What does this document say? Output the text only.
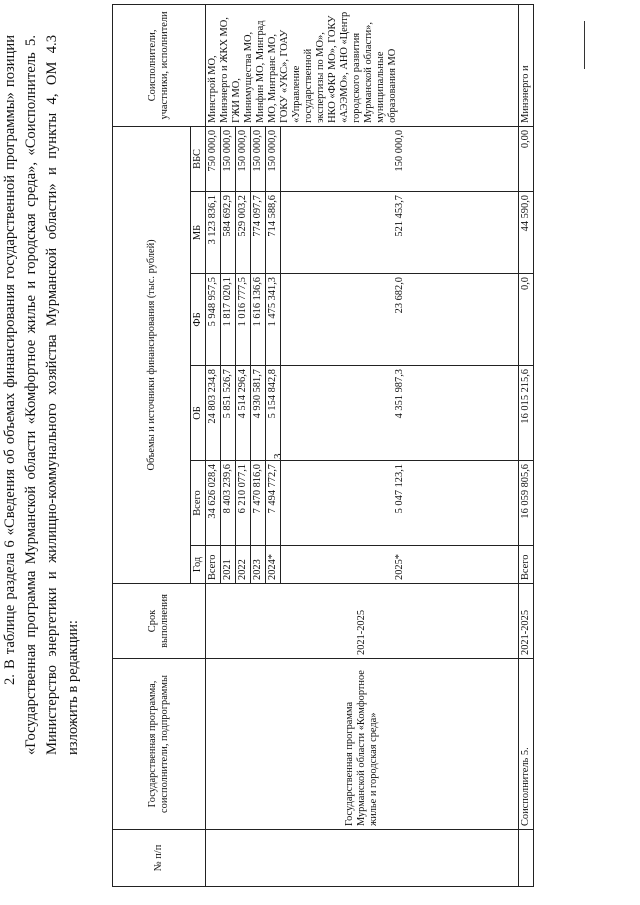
3

2. В таблице раздела 6 «Сведения об объемах финансирования государственной программы» позиции «Государственная программа Мурманской области «Комфортное жилье и городская среда», «Соисполнитель 5. Министерство энергетики и жилищно-коммунального хозяйства Мурманской области» и пункты 4, ОМ 4.3 изложить в редакции:

№ п/п	Государственная программа, соисполнители, подпрограммы	Срок выполнения	Объемы и источники финансирования (тыс. рублей)						Соисполнители, участники, исполнители
			Год	Всего	ОБ	ФБ	МБ	ВБС	
	Государственная программа Мурманской области «Комфортное жилье и городская среда»	2021-2025	Всего	34 626 028,4	24 803 234,8	5 948 957,5	3 123 836,1	750 000,0	Минстрой МО, Минэнерго и ЖКХ МО, ГЖИ МО, Минимущества МО, Минфин МО, Минград МО, Минтранс МО, ГОКУ «УКС», ГОАУ «Управление государственной экспертизы по МО», НКО «ФКР МО», ГОКУ «АЭЭМО», АНО «Центр городского развития Мурманской области», муниципальные образования МО
			2021	8 403 239,6	5 851 526,7	1 817 020,1	584 692,9	150 000,0	
			2022	6 210 077,1	4 514 296,4	1 016 777,5	529 003,2	150 000,0	
			2023	7 470 816,0	4 930 581,7	1 616 136,6	774 097,7	150 000,0	
			2024*	7 494 772,7	5 154 842,8	1 475 341,3	714 588,6	150 000,0	
			2025*	5 047 123,1	4 351 987,3	23 682,0	521 453,7	150 000,0	
	Соисполнитель 5.	2021-2025	Всего	16 059 805,6	16 015 215,6	0,0	44 590,0	0,00	Минэнерго и
